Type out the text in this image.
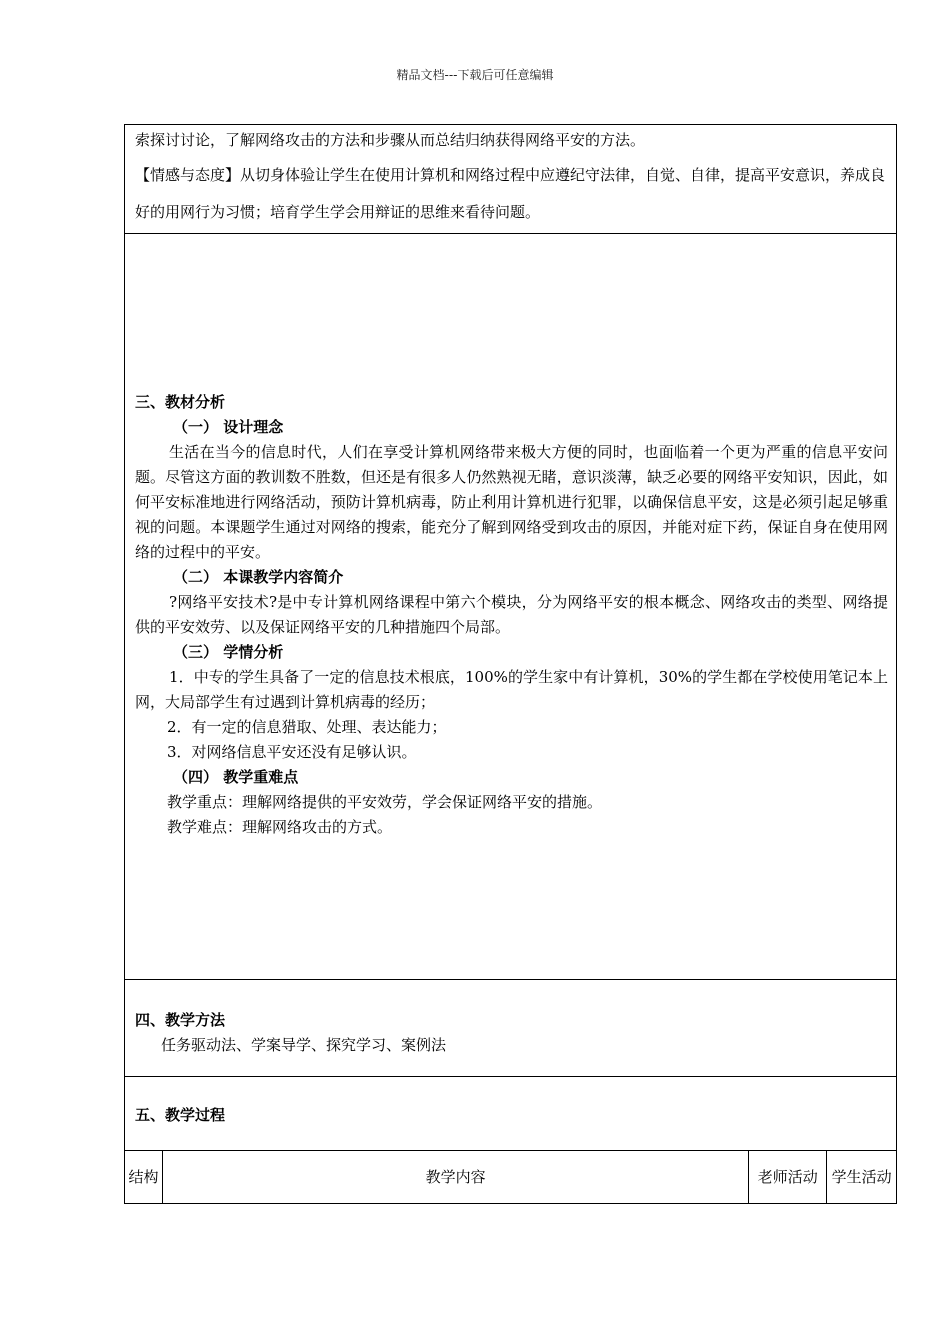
精品文档---下载后可任意编辑

索探讨讨论，了解网络攻击的方法和步骤从而总结归纳获得网络平安的方法。

【情感与态度】从切身体验让学生在使用计算机和网络过程中应遵纪守法律，自觉、自律，提高平安意识，养成良好的用网行为习惯；培育学生学会用辩证的思维来看待问题。

三、教材分析

（一） 设计理念

生活在当今的信息时代，人们在享受计算机网络带来极大方便的同时，也面临着一个更为严重的信息平安问题。尽管这方面的教训数不胜数，但还是有很多人仍然熟视无睹，意识淡薄，缺乏必要的网络平安知识，因此，如何平安标准地进行网络活动，预防计算机病毒，防止利用计算机进行犯罪，以确保信息平安，这是必须引起足够重视的问题。本课题学生通过对网络的搜索，能充分了解到网络受到攻击的原因，并能对症下药，保证自身在使用网络的过程中的平安。

（二） 本课教学内容简介

?网络平安技术?是中专计算机网络课程中第六个模块，分为网络平安的根本概念、网络攻击的类型、网络提供的平安效劳、以及保证网络平安的几种措施四个局部。

（三） 学情分析

1．中专的学生具备了一定的信息技术根底，100%的学生家中有计算机，30%的学生都在学校使用笔记本上网，大局部学生有过遇到计算机病毒的经历；

2．有一定的信息猎取、处理、表达能力；

3．对网络信息平安还没有足够认识。

（四） 教学重难点

教学重点：理解网络提供的平安效劳，学会保证网络平安的措施。

教学难点：理解网络攻击的方式。

四、教学方法

任务驱动法、学案导学、探究学习、案例法

五、教学过程

结构	教学内容	老师活动 学生活动
